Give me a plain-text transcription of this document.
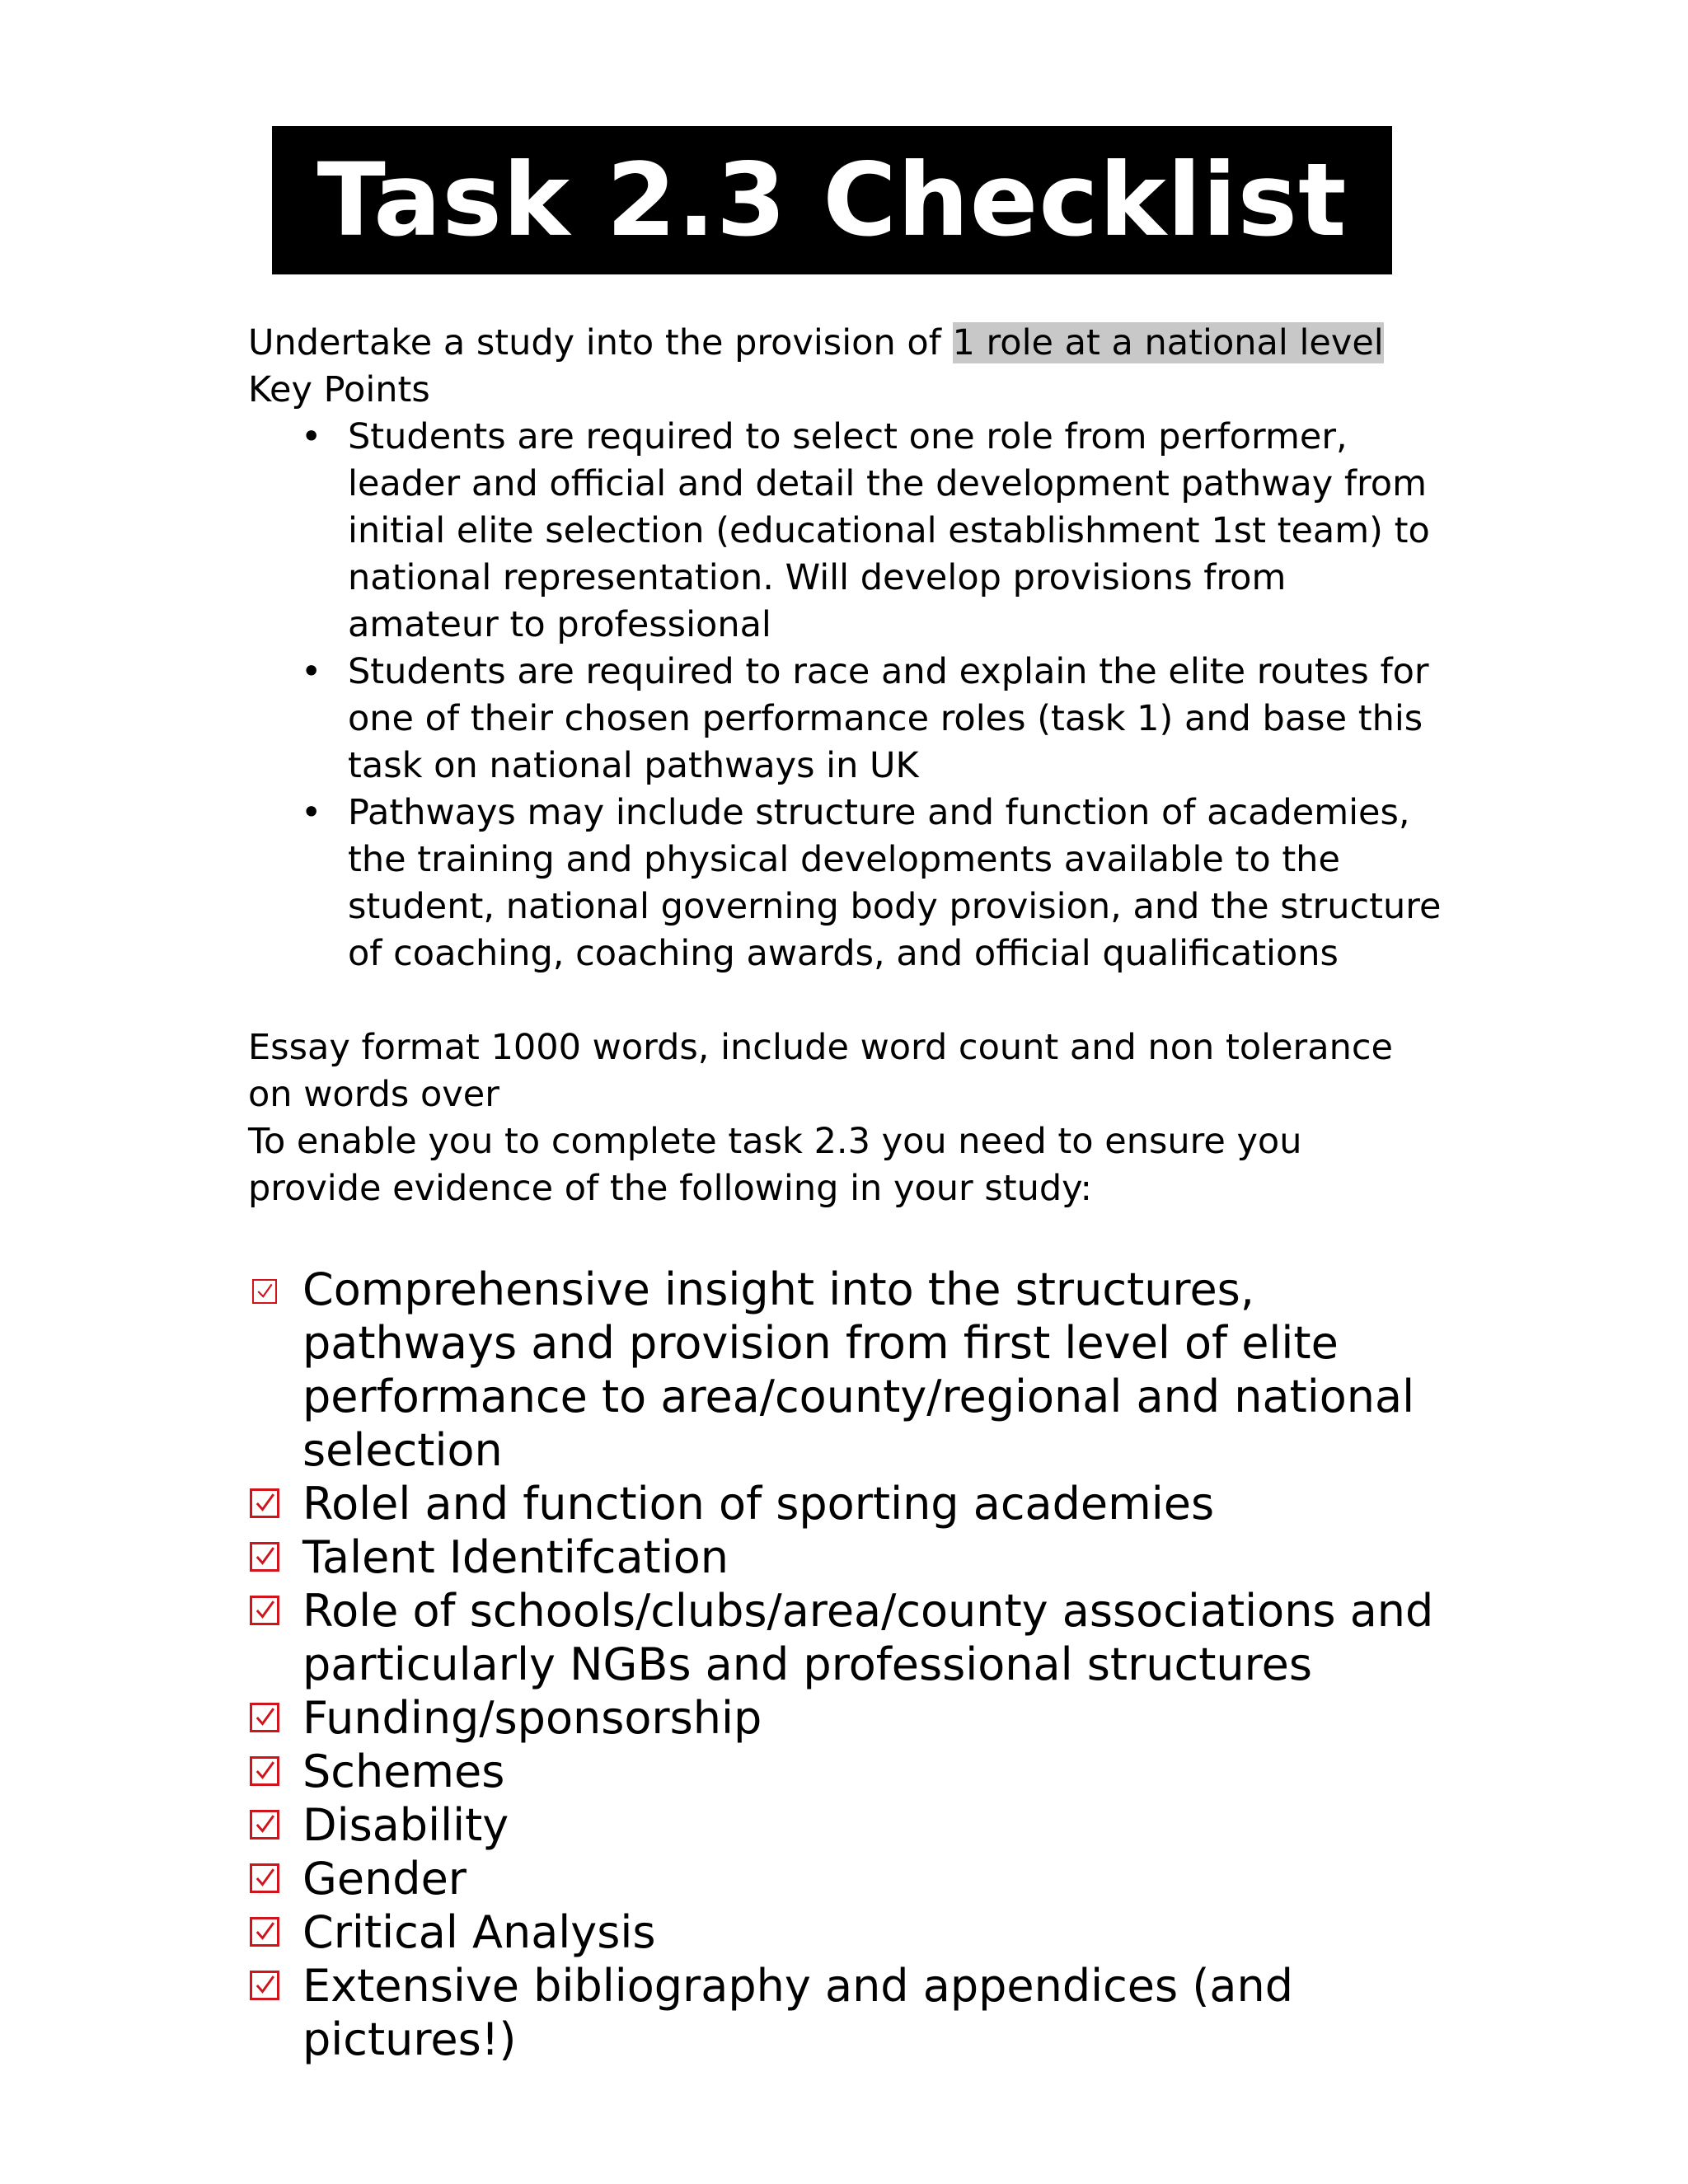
Task 2.3 Checklist

Undertake a study into the provision of 1 role at a national level

Key Points

• Students are required to select one role from performer, leader and official and detail the development pathway from initial elite selection (educational establishment 1st team) to national representation. Will develop provisions from amateur to professional
• Students are required to race and explain the elite routes for one of their chosen performance roles (task 1) and base this task on national pathways in UK
• Pathways may include structure and function of academies, the training and physical developments available to the student, national governing body provision, and the structure of coaching, coaching awards, and official qualifications

Essay format 1000 words, include word count and non tolerance on words over

To enable you to complete task 2.3 you need to ensure you provide evidence of the following in your study:

Comprehensive insight into the structures, pathways and provision from first level of elite performance to area/county/regional and national selection
Rolel and function of sporting academies
Talent Identifcation
Role of schools/clubs/area/county associations and particularly NGBs and professional structures
Funding/sponsorship
Schemes
Disability
Gender
Critical Analysis
Extensive bibliography and appendices (and pictures!)
